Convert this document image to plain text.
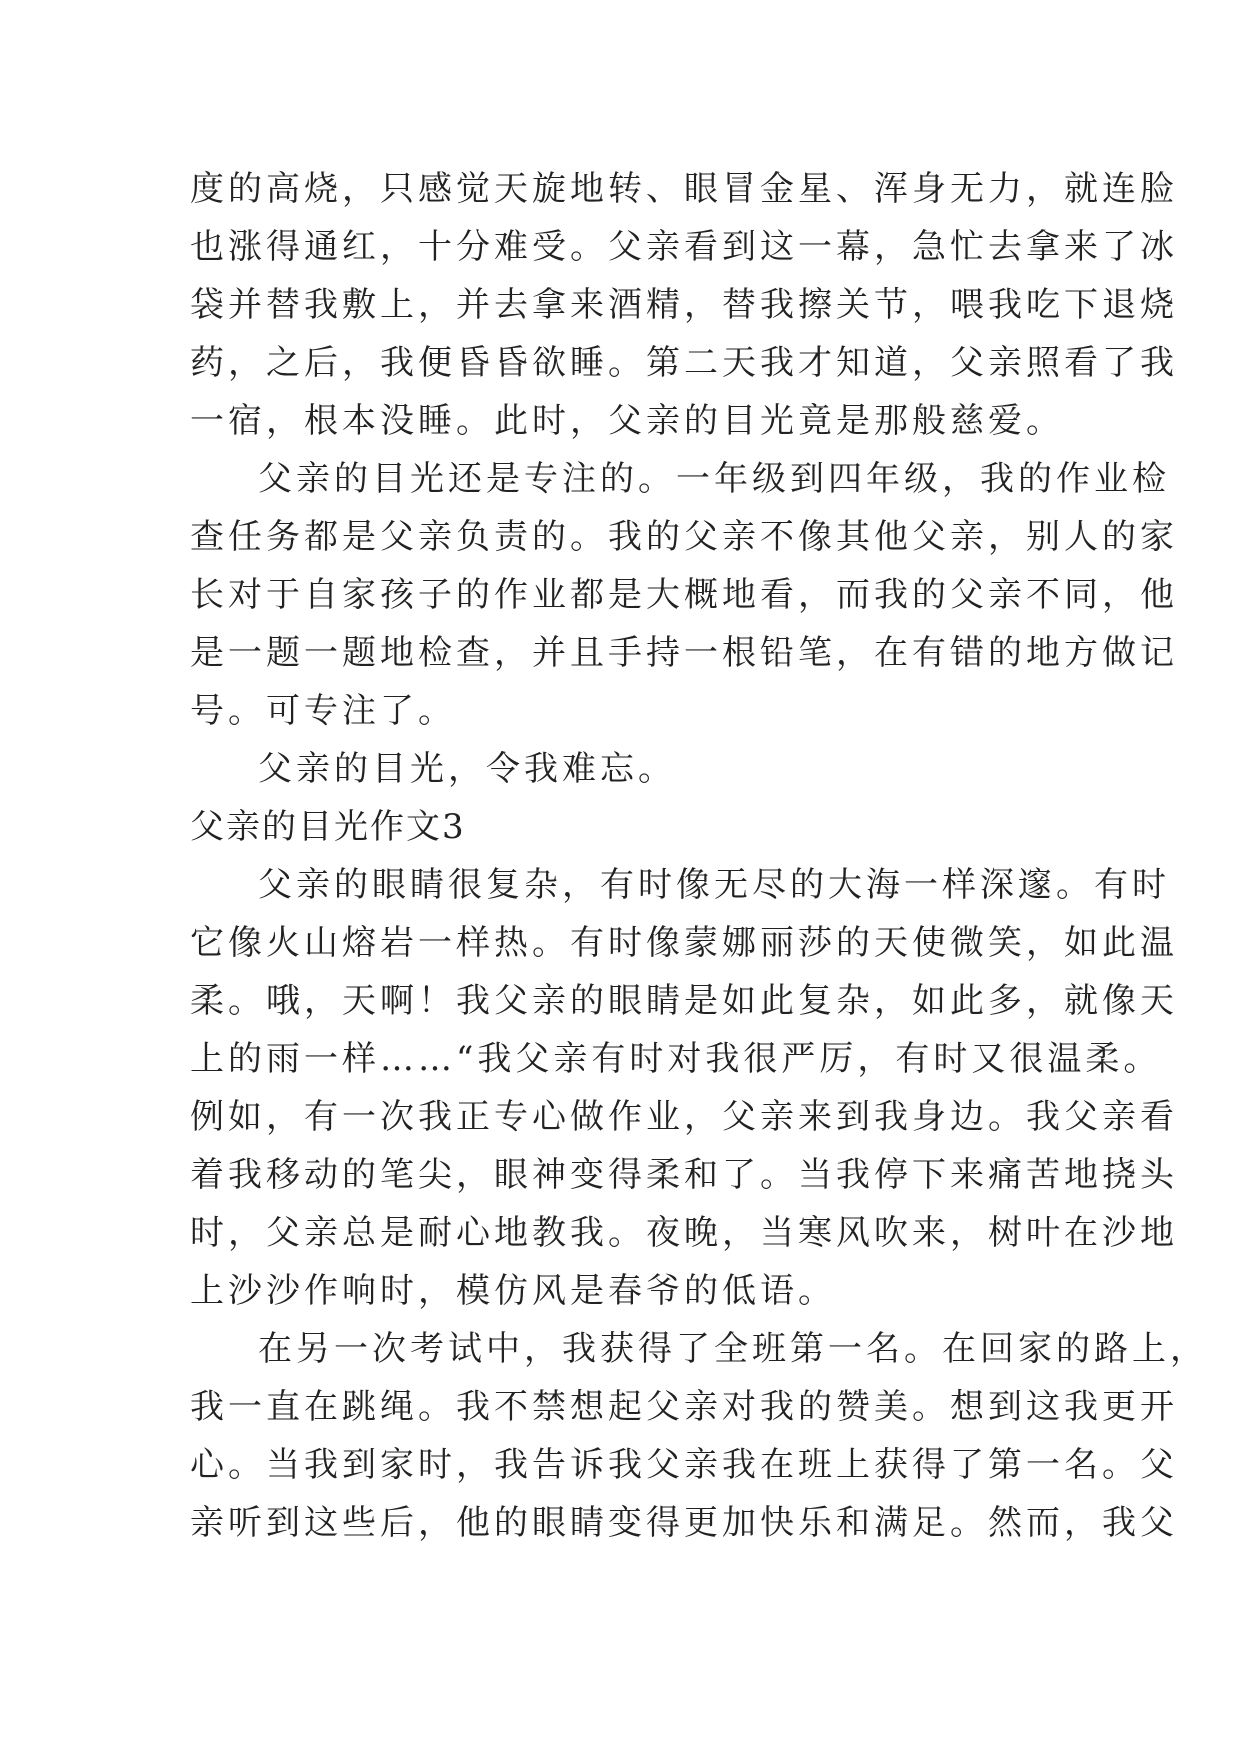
度的高烧，只感觉天旋地转、眼冒金星、浑身无力，就连脸
也涨得通红，十分难受。父亲看到这一幕，急忙去拿来了冰
袋并替我敷上，并去拿来酒精，替我擦关节，喂我吃下退烧
药，之后，我便昏昏欲睡。第二天我才知道，父亲照看了我
一宿，根本没睡。此时，父亲的目光竟是那般慈爱。
父亲的目光还是专注的。一年级到四年级，我的作业检
查任务都是父亲负责的。我的父亲不像其他父亲，别人的家
长对于自家孩子的作业都是大概地看，而我的父亲不同，他
是一题一题地检查，并且手持一根铅笔，在有错的地方做记
号。可专注了。
父亲的目光，令我难忘。
父亲的目光作文3
父亲的眼睛很复杂，有时像无尽的大海一样深邃。有时
它像火山熔岩一样热。有时像蒙娜丽莎的天使微笑，如此温
柔。哦，天啊！我父亲的眼睛是如此复杂，如此多，就像天
上的雨一样……“我父亲有时对我很严厉，有时又很温柔。
例如，有一次我正专心做作业，父亲来到我身边。我父亲看
着我移动的笔尖，眼神变得柔和了。当我停下来痛苦地挠头
时，父亲总是耐心地教我。夜晚，当寒风吹来，树叶在沙地
上沙沙作响时，模仿风是春爷的低语。
在另一次考试中，我获得了全班第一名。在回家的路上，
我一直在跳绳。我不禁想起父亲对我的赞美。想到这我更开
心。当我到家时，我告诉我父亲我在班上获得了第一名。父
亲听到这些后，他的眼睛变得更加快乐和满足。然而，我父
